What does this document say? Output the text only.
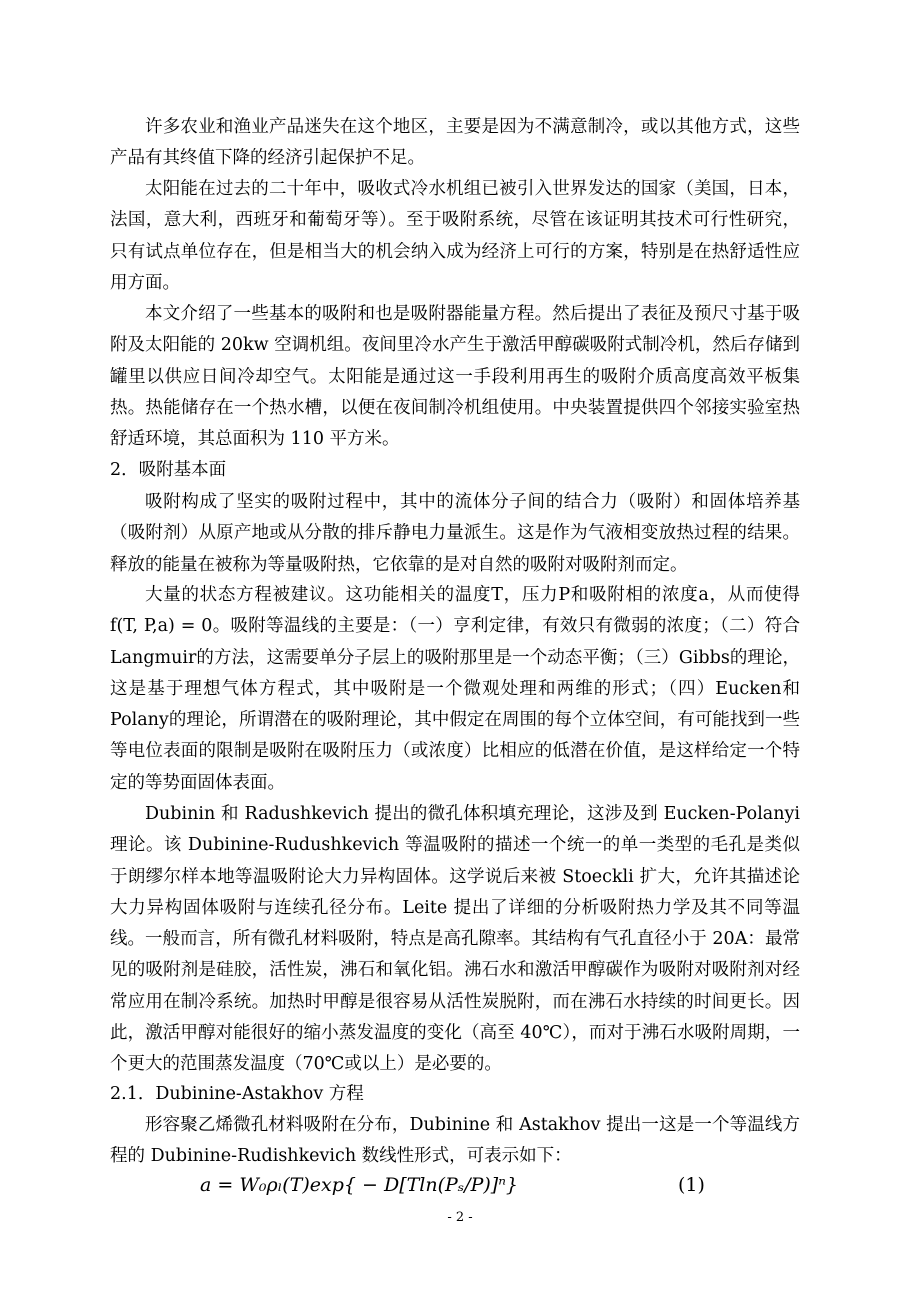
许多农业和渔业产品迷失在这个地区，主要是因为不满意制冷，或以其他方式，这些产品有其终值下降的经济引起保护不足。

太阳能在过去的二十年中，吸收式冷水机组已被引入世界发达的国家（美国，日本，法国，意大利，西班牙和葡萄牙等）。至于吸附系统，尽管在该证明其技术可行性研究，只有试点单位存在，但是相当大的机会纳入成为经济上可行的方案，特别是在热舒适性应用方面。

本文介绍了一些基本的吸附和也是吸附器能量方程。然后提出了表征及预尺寸基于吸附及太阳能的 20kw 空调机组。夜间里冷水产生于激活甲醇碳吸附式制冷机，然后存储到罐里以供应日间冷却空气。太阳能是通过这一手段利用再生的吸附介质高度高效平板集热。热能储存在一个热水槽，以便在夜间制冷机组使用。中央装置提供四个邻接实验室热舒适环境，其总面积为 110 平方米。

2．吸附基本面

吸附构成了坚实的吸附过程中，其中的流体分子间的结合力（吸附）和固体培养基（吸附剂）从原产地或从分散的排斥静电力量派生。这是作为气液相变放热过程的结果。释放的能量在被称为等量吸附热，它依靠的是对自然的吸附对吸附剂而定。

大量的状态方程被建议。这功能相关的温度T，压力P和吸附相的浓度a，从而使得f(T, P,a) = 0。吸附等温线的主要是：（一）亨利定律，有效只有微弱的浓度；（二）符合Langmuir的方法，这需要单分子层上的吸附那里是一个动态平衡；（三）Gibbs的理论，这是基于理想气体方程式，其中吸附是一个微观处理和两维的形式；（四）Eucken和Polany的理论，所谓潜在的吸附理论，其中假定在周围的每个立体空间，有可能找到一些等电位表面的限制是吸附在吸附压力（或浓度）比相应的低潜在价值，是这样给定一个特定的等势面固体表面。

Dubinin 和 Radushkevich 提出的微孔体积填充理论，这涉及到 Eucken-Polanyi 理论。该 Dubinine-Rudushkevich 等温吸附的描述一个统一的单一类型的毛孔是类似于朗缪尔样本地等温吸附论大力异构固体。这学说后来被 Stoeckli 扩大，允许其描述论大力异构固体吸附与连续孔径分布。Leite 提出了详细的分析吸附热力学及其不同等温线。 一般而言，所有微孔材料吸附，特点是高孔隙率。其结构有气孔直径小于 20A：最常见的吸附剂是硅胶，活性炭，沸石和氧化铝。沸石水和激活甲醇碳作为吸附对吸附剂对经常应用在制冷系统。加热时甲醇是很容易从活性炭脱附，而在沸石水持续的时间更长。因此，激活甲醇对能很好的缩小蒸发温度的变化（高至 40℃），而对于沸石水吸附周期，一个更大的范围蒸发温度（70℃或以上）是必要的。

2.1．Dubinine-Astakhov 方程

形容聚乙烯微孔材料吸附在分布，Dubinine 和 Astakhov 提出一这是一个等温线方程的 Dubinine-Rudishkevich 数线性形式，可表示如下：

a = W₀ρₗ(T)exp{ − D[Tln(Pₛ/P)]ⁿ}	(1)
- 2 -
